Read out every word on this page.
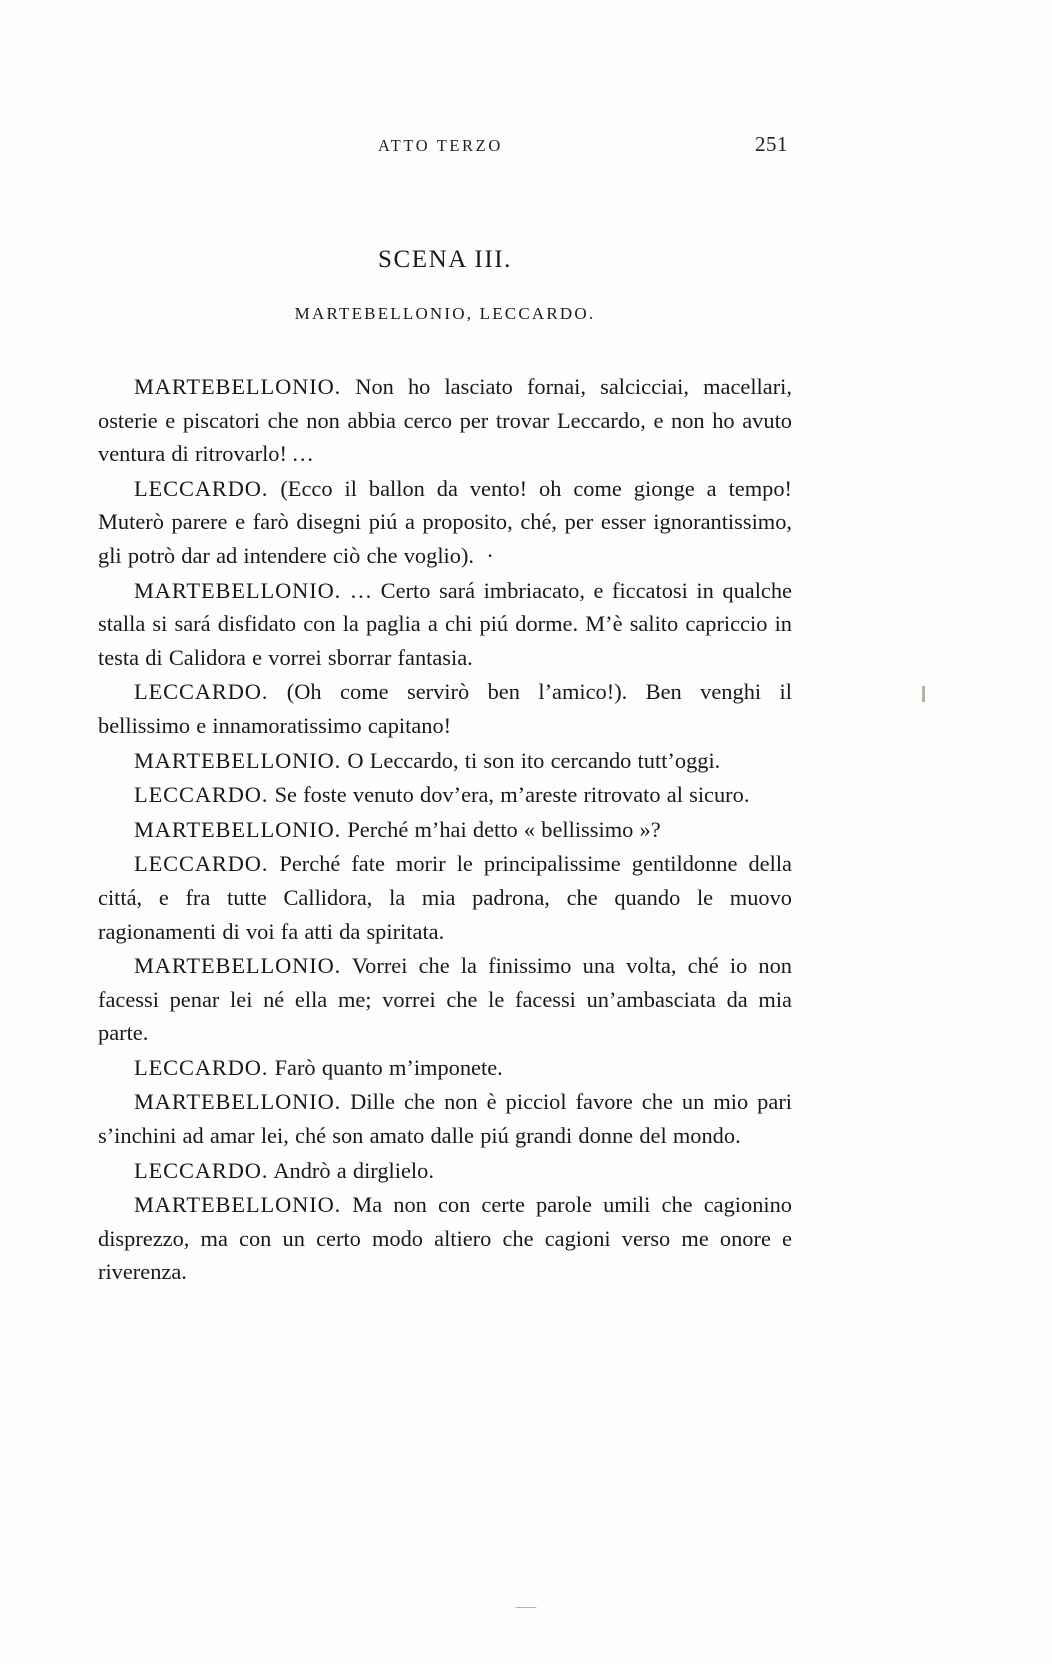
ATTO TERZO	251
SCENA III.
MARTEBELLONIO, LECCARDO.

MARTEBELLONIO. Non ho lasciato fornai, salcicciai, macellari, osterie e piscatori che non abbia cerco per trovar Leccardo, e non ho avuto ventura di ritrovarlo! …

LECCARDO. (Ecco il ballon da vento! oh come gionge a tempo! Muterò parere e farò disegni piú a proposito, ché, per esser ignorantissimo, gli potrò dar ad intendere ciò che voglio).  ·

MARTEBELLONIO. … Certo sará imbriacato, e ficcatosi in qualche stalla si sará disfidato con la paglia a chi piú dorme. M’è salito capriccio in testa di Calidora e vorrei sborrar fantasia.

LECCARDO. (Oh come servirò ben l’amico!). Ben venghi il bellissimo e innamoratissimo capitano!

MARTEBELLONIO. O Leccardo, ti son ito cercando tutt’oggi.

LECCARDO. Se foste venuto dov’era, m’areste ritrovato al sicuro.

MARTEBELLONIO. Perché m’hai detto « bellissimo »?

LECCARDO. Perché fate morir le principalissime gentildonne della cittá, e fra tutte Callidora, la mia padrona, che quando le muovo ragionamenti di voi fa atti da spiritata.

MARTEBELLONIO. Vorrei che la finissimo una volta, ché io non facessi penar lei né ella me; vorrei che le facessi un’ambasciata da mia parte.

LECCARDO. Farò quanto m’imponete.

MARTEBELLONIO. Dille che non è picciol favore che un mio pari s’inchini ad amar lei, ché son amato dalle piú grandi donne del mondo.

LECCARDO. Andrò a dirglielo.

MARTEBELLONIO. Ma non con certe parole umili che cagionino disprezzo, ma con un certo modo altiero che cagioni verso me onore e riverenza.

⸺
